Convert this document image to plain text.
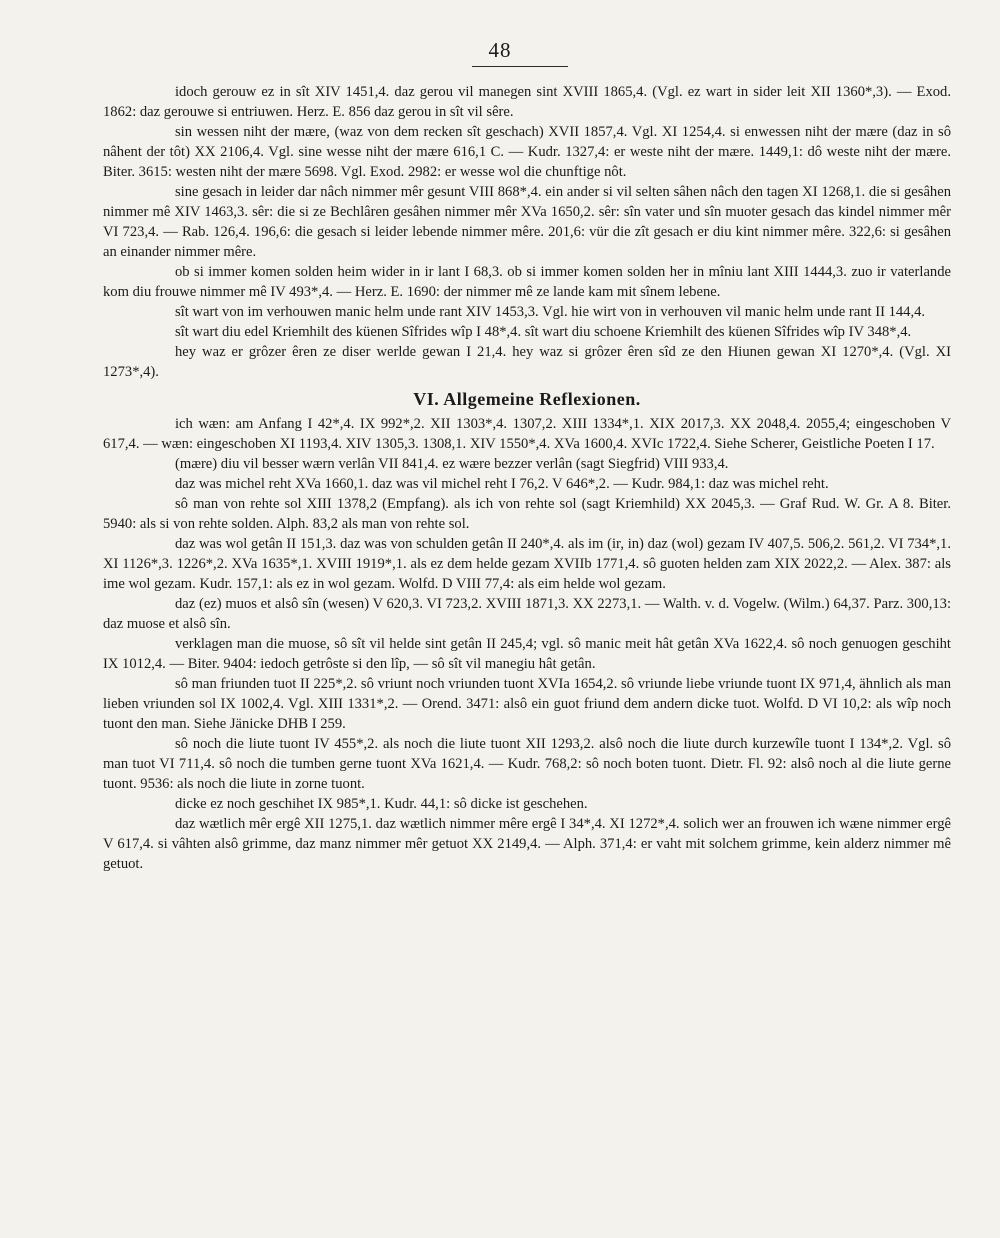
48

idoch gerouw ez in sît XIV 1451,4. daz gerou vil manegen sint XVIII 1865,4. (Vgl. ez wart in sider leit XII 1360*,3). — Exod. 1862: daz gerouwe si entriuwen. Herz. E. 856 daz gerou in sît vil sêre.

sin wessen niht der mære, (waz von dem recken sît geschach) XVII 1857,4. Vgl. XI 1254,4. si enwessen niht der mære (daz in sô nâhent der tôt) XX 2106,4. Vgl. sine wesse niht der mære 616,1 C. — Kudr. 1327,4: er weste niht der mære. 1449,1: dô weste niht der mære. Biter. 3615: westen niht der mære 5698. Vgl. Exod. 2982: er wesse wol die chunftige nôt.

sine gesach in leider dar nâch nimmer mêr gesunt VIII 868*,4. ein ander si vil selten sâhen nâch den tagen XI 1268,1. die si gesâhen nimmer mê XIV 1463,3. sêr: die si ze Bechlâren gesâhen nimmer mêr XVa 1650,2. sêr: sîn vater und sîn muoter gesach das kindel nimmer mêr VI 723,4. — Rab. 126,4. 196,6: die gesach si leider lebende nimmer mêre. 201,6: vür die zît gesach er diu kint nimmer mêre. 322,6: si gesâhen an einander nimmer mêre.

ob si immer komen solden heim wider in ir lant I 68,3. ob si immer komen solden her in mîniu lant XIII 1444,3. zuo ir vaterlande kom diu frouwe nimmer mê IV 493*,4. — Herz. E. 1690: der nimmer mê ze lande kam mit sînem lebene.

sît wart von im verhouwen manic helm unde rant XIV 1453,3. Vgl. hie wirt von in verhouven vil manic helm unde rant II 144,4.

sît wart diu edel Kriemhilt des küenen Sîfrides wîp I 48*,4. sît wart diu schoene Kriemhilt des küenen Sîfrides wîp IV 348*,4.

hey waz er grôzer êren ze diser werlde gewan I 21,4. hey waz si grôzer êren sîd ze den Hiunen gewan XI 1270*,4. (Vgl. XI 1273*,4).

VI. Allgemeine Reflexionen.

ich wæn: am Anfang I 42*,4. IX 992*,2. XII 1303*,4. 1307,2. XIII 1334*,1. XIX 2017,3. XX 2048,4. 2055,4; eingeschoben V 617,4. — wæn: eingeschoben XI 1193,4. XIV 1305,3. 1308,1. XIV 1550*,4. XVa 1600,4. XVIc 1722,4. Siehe Scherer, Geistliche Poeten I 17.

(mære) diu vil besser wærn verlân VII 841,4. ez wære bezzer verlân (sagt Siegfrid) VIII 933,4.

daz was michel reht XVa 1660,1. daz was vil michel reht I 76,2. V 646*,2. — Kudr. 984,1: daz was michel reht.

sô man von rehte sol XIII 1378,2 (Empfang). als ich von rehte sol (sagt Kriemhild) XX 2045,3. — Graf Rud. W. Gr. A 8. Biter. 5940: als si von rehte solden. Alph. 83,2 als man von rehte sol.

daz was wol getân II 151,3. daz was von schulden getân II 240*,4. als im (ir, in) daz (wol) gezam IV 407,5. 506,2. 561,2. VI 734*,1. XI 1126*,3. 1226*,2. XVa 1635*,1. XVIII 1919*,1. als ez dem helde gezam XVIIb 1771,4. sô guoten helden zam XIX 2022,2. — Alex. 387: als ime wol gezam. Kudr. 157,1: als ez in wol gezam. Wolfd. D VIII 77,4: als eim helde wol gezam.

daz (ez) muos et alsô sîn (wesen) V 620,3. VI 723,2. XVIII 1871,3. XX 2273,1. — Walth. v. d. Vogelw. (Wilm.) 64,37. Parz. 300,13: daz muose et alsô sîn.

verklagen man die muose, sô sît vil helde sint getân II 245,4; vgl. sô manic meit hât getân XVa 1622,4. sô noch genuogen geschiht IX 1012,4. — Biter. 9404: iedoch getrôste si den lîp, — sô sît vil manegiu hât getân.

sô man friunden tuot II 225*,2. sô vriunt noch vriunden tuont XVIa 1654,2. sô vriunde liebe vriunde tuont IX 971,4, ähnlich als man lieben vriunden sol IX 1002,4. Vgl. XIII 1331*,2. — Orend. 3471: alsô ein guot friund dem andern dicke tuot. Wolfd. D VI 10,2: als wîp noch tuont den man. Siehe Jänicke DHB I 259.

sô noch die liute tuont IV 455*,2. als noch die liute tuont XII 1293,2. alsô noch die liute durch kurzewîle tuont I 134*,2. Vgl. sô man tuot VI 711,4. sô noch die tumben gerne tuont XVa 1621,4. — Kudr. 768,2: sô noch boten tuont. Dietr. Fl. 92: alsô noch al die liute gerne tuont. 9536: als noch die liute in zorne tuont.

dicke ez noch geschihet IX 985*,1. Kudr. 44,1: sô dicke ist geschehen.

daz wætlich mêr ergê XII 1275,1. daz wætlich nimmer mêre ergê I 34*,4. XI 1272*,4. solich wer an frouwen ich wæne nimmer ergê V 617,4. si vâhten alsô grimme, daz manz nimmer mêr getuot XX 2149,4. — Alph. 371,4: er vaht mit solchem grimme, kein alderz nimmer mê getuot.
